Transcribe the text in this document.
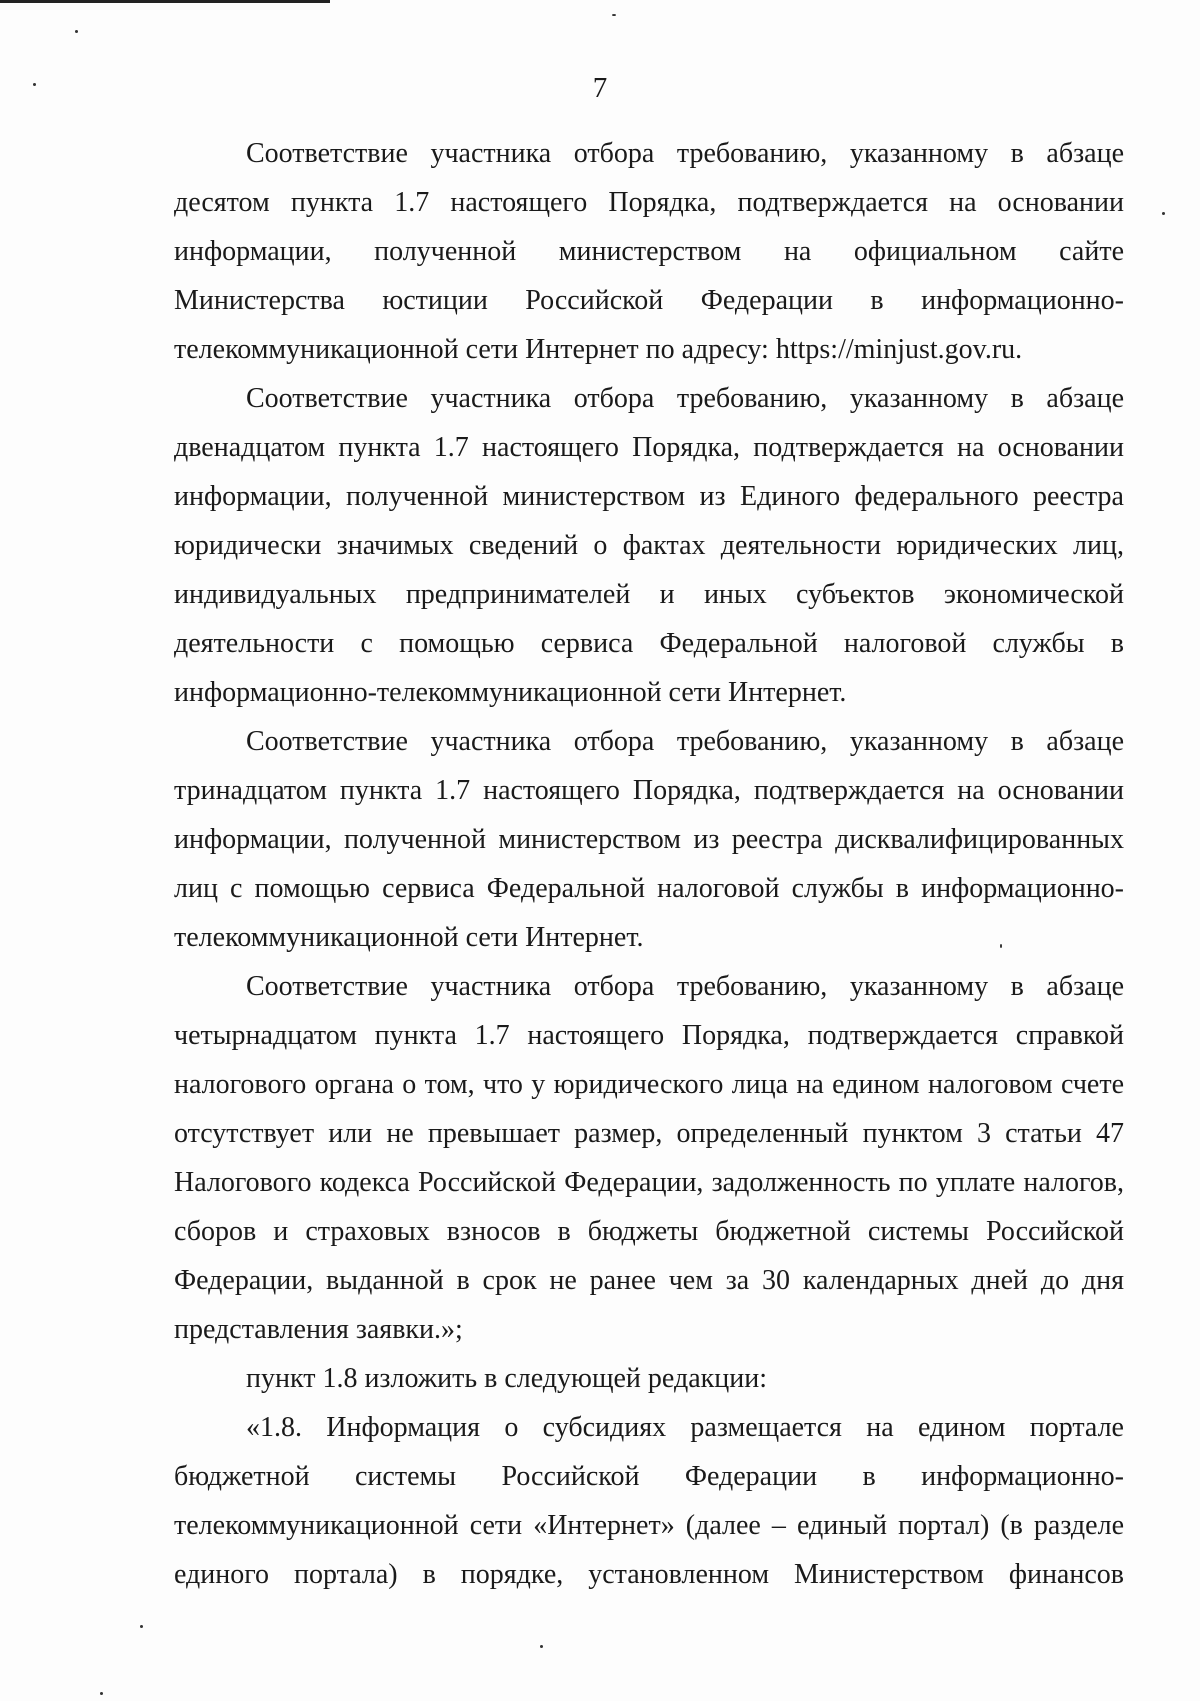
7

Соответствие участника отбора требованию, указанному в абзаце десятом пункта 1.7 настоящего Порядка, подтверждается на основании информации, полученной министерством на официальном сайте Министерства юстиции Российской Федерации в информационно-телекоммуникационной сети Интернет по адресу: https://minjust.gov.ru.

Соответствие участника отбора требованию, указанному в абзаце двенадцатом пункта 1.7 настоящего Порядка, подтверждается на основании информации, полученной министерством из Единого федерального реестра юридически значимых сведений о фактах деятельности юридических лиц, индивидуальных предпринимателей и иных субъектов экономической деятельности с помощью сервиса Федеральной налоговой службы в информационно-телекоммуникационной сети Интернет.

Соответствие участника отбора требованию, указанному в абзаце тринадцатом пункта 1.7 настоящего Порядка, подтверждается на основании информации, полученной министерством из реестра дисквалифицированных лиц с помощью сервиса Федеральной налоговой службы в информационно-телекоммуникационной сети Интернет.

Соответствие участника отбора требованию, указанному в абзаце четырнадцатом пункта 1.7 настоящего Порядка, подтверждается справкой налогового органа о том, что у юридического лица на едином налоговом счете отсутствует или не превышает размер, определенный пунктом 3 статьи 47 Налогового кодекса Российской Федерации, задолженность по уплате налогов, сборов и страховых взносов в бюджеты бюджетной системы Российской Федерации, выданной в срок не ранее чем за 30 календарных дней до дня представления заявки.»;

пункт 1.8 изложить в следующей редакции:

«1.8. Информация о субсидиях размещается на едином портале бюджетной системы Российской Федерации в информационно-телекоммуникационной сети «Интернет» (далее – единый портал) (в разделе единого портала) в порядке, установленном Министерством финансов
